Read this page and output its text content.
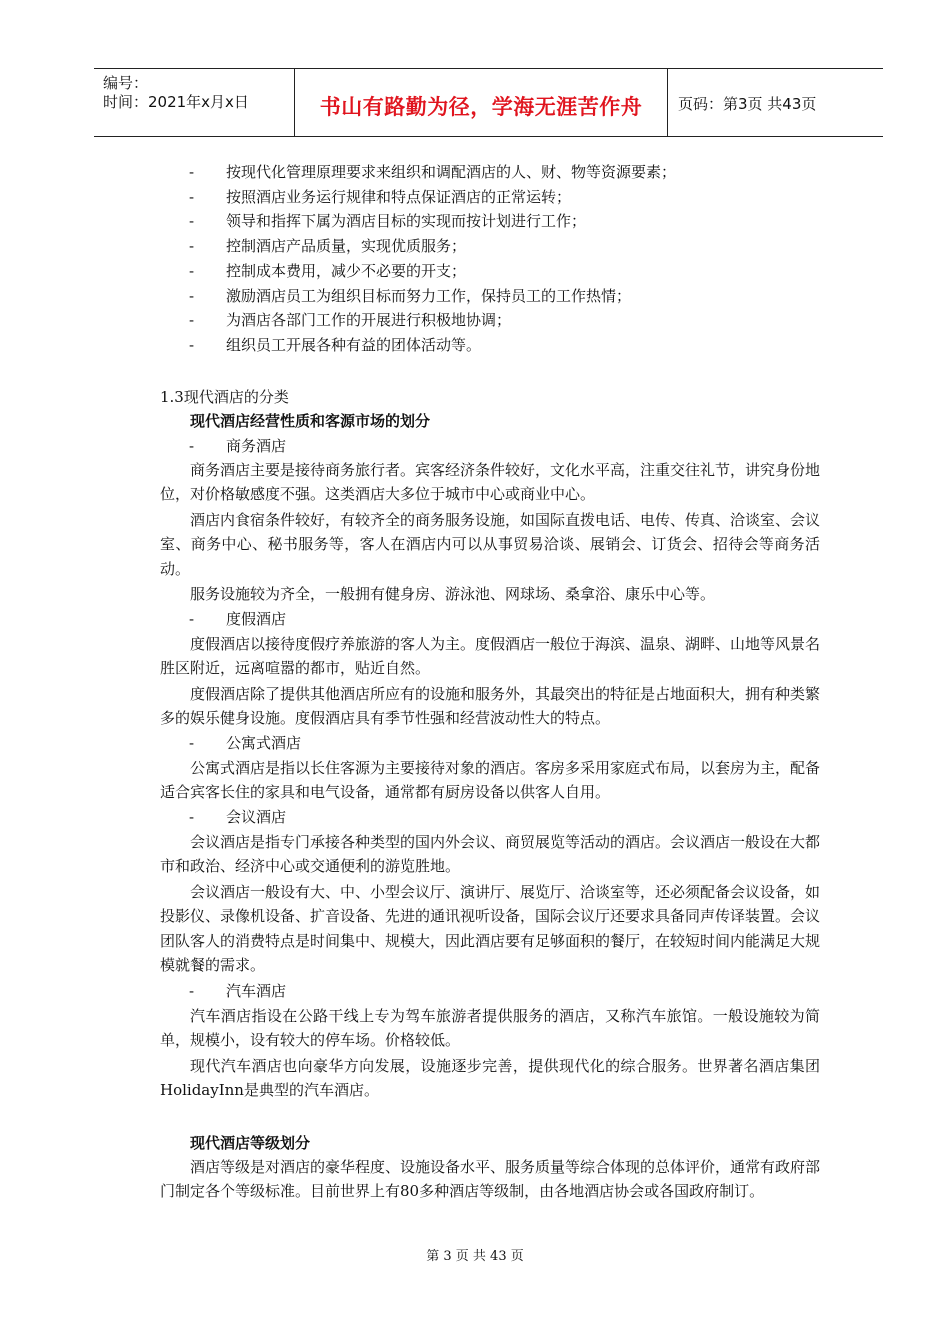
编号：
时间：2021年x月x日	书山有路勤为径，学海无涯苦作舟	页码：第3页 共43页
- 按现代化管理原理要求来组织和调配酒店的人、财、物等资源要素；
- 按照酒店业务运行规律和特点保证酒店的正常运转；
- 领导和指挥下属为酒店目标的实现而按计划进行工作；
- 控制酒店产品质量，实现优质服务；
- 控制成本费用，减少不必要的开支；
- 激励酒店员工为组织目标而努力工作，保持员工的工作热情；
- 为酒店各部门工作的开展进行积极地协调；
- 组织员工开展各种有益的团体活动等。
1.3现代酒店的分类
现代酒店经营性质和客源市场的划分
- 商务酒店
商务酒店主要是接待商务旅行者。宾客经济条件较好，文化水平高，注重交往礼节，讲究身份地位，对价格敏感度不强。这类酒店大多位于城市中心或商业中心。
酒店内食宿条件较好，有较齐全的商务服务设施，如国际直拨电话、电传、传真、洽谈室、会议室、商务中心、秘书服务等，客人在酒店内可以从事贸易洽谈、展销会、订货会、招待会等商务活动。
服务设施较为齐全，一般拥有健身房、游泳池、网球场、桑拿浴、康乐中心等。
- 度假酒店
度假酒店以接待度假疗养旅游的客人为主。度假酒店一般位于海滨、温泉、湖畔、山地等风景名胜区附近，远离喧嚣的都市，贴近自然。
度假酒店除了提供其他酒店所应有的设施和服务外，其最突出的特征是占地面积大，拥有种类繁多的娱乐健身设施。度假酒店具有季节性强和经营波动性大的特点。
- 公寓式酒店
公寓式酒店是指以长住客源为主要接待对象的酒店。客房多采用家庭式布局，以套房为主，配备适合宾客长住的家具和电气设备，通常都有厨房设备以供客人自用。
- 会议酒店
会议酒店是指专门承接各种类型的国内外会议、商贸展览等活动的酒店。会议酒店一般设在大都市和政治、经济中心或交通便利的游览胜地。
会议酒店一般设有大、中、小型会议厅、演讲厅、展览厅、洽谈室等，还必须配备会议设备，如投影仪、录像机设备、扩音设备、先进的通讯视听设备，国际会议厅还要求具备同声传译装置。会议团队客人的消费特点是时间集中、规模大，因此酒店要有足够面积的餐厅，在较短时间内能满足大规模就餐的需求。
- 汽车酒店
汽车酒店指设在公路干线上专为驾车旅游者提供服务的酒店，又称汽车旅馆。一般设施较为简单，规模小，设有较大的停车场。价格较低。
现代汽车酒店也向豪华方向发展，设施逐步完善，提供现代化的综合服务。世界著名酒店集团HolidayInn是典型的汽车酒店。
现代酒店等级划分
酒店等级是对酒店的豪华程度、设施设备水平、服务质量等综合体现的总体评价，通常有政府部门制定各个等级标准。目前世界上有80多种酒店等级制，由各地酒店协会或各国政府制订。
第 3 页 共 43 页
